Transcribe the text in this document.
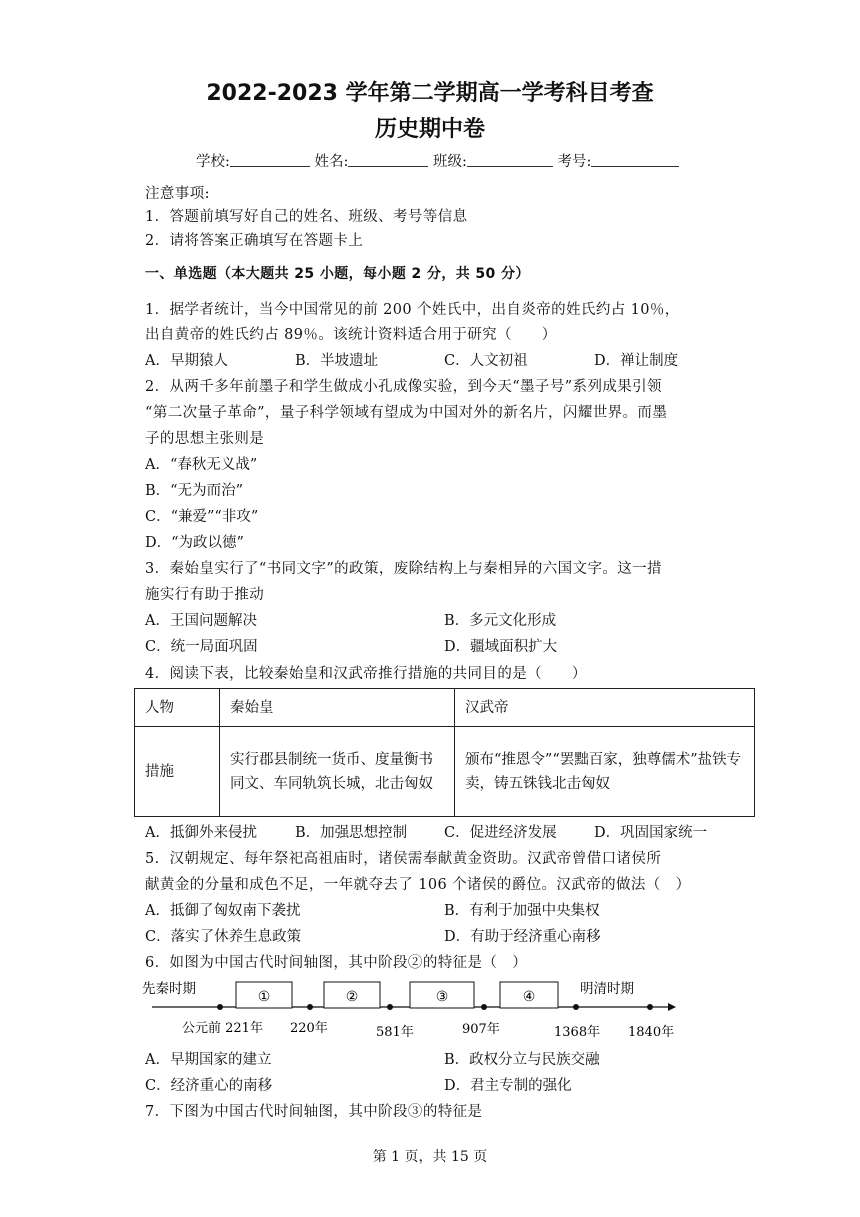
2022-2023 学年第二学期高一学考科目考查
历史期中卷
学校:	姓名:	班级:	考号:
注意事项:
1．答题前填写好自己的姓名、班级、考号等信息
2．请将答案正确填写在答题卡上
一、单选题（本大题共 25 小题，每小题 2 分，共 50 分）
1．据学者统计，当今中国常见的前 200 个姓氏中，出自炎帝的姓氏约占 10％，
出自黄帝的姓氏约占 89％。该统计资料适合用于研究（　　）
A．早期猿人	B．半坡遗址	C．人文初祖	D．禅让制度
2．从两千多年前墨子和学生做成小孔成像实验，到今天“墨子号”系列成果引领
“第二次量子革命”，量子科学领域有望成为中国对外的新名片，闪耀世界。而墨
子的思想主张则是
A．“春秋无义战”
B．“无为而治”
C．“兼爱”“非攻”
D．“为政以德”
3．秦始皇实行了“书同文字”的政策，废除结构上与秦相异的六国文字。这一措
施实行有助于推动
A．王国问题解决	B．多元文化形成
C．统一局面巩固	D．疆域面积扩大
4．阅读下表，比较秦始皇和汉武帝推行措施的共同目的是（　　）
人物	秦始皇	汉武帝
措施	实行郡县制统一货币、度量衡书同文、车同轨筑长城，北击匈奴	颁布“推恩令”“罢黜百家，独尊儒术”盐铁专卖，铸五铢钱北击匈奴
A．抵御外来侵扰	B．加强思想控制	C．促进经济发展	D．巩固国家统一
5．汉朝规定、每年祭祀高祖庙时，诸侯需奉献黄金资助。汉武帝曾借口诸侯所
献黄金的分量和成色不足，一年就夺去了 106 个诸侯的爵位。汉武帝的做法（　）
A．抵御了匈奴南下袭扰	B．有利于加强中央集权
C．落实了休养生息政策	D．有助于经济重心南移
6．如图为中国古代时间轴图，其中阶段②的特征是（　）
先秦时期	明清时期
①	②	③	④
公元前 221年 220年	581年	907年	1368年 1840年
A．早期国家的建立	B．政权分立与民族交融
C．经济重心的南移	D．君主专制的强化
7．下图为中国古代时间轴图，其中阶段③的特征是
第 1 页，共 15 页
